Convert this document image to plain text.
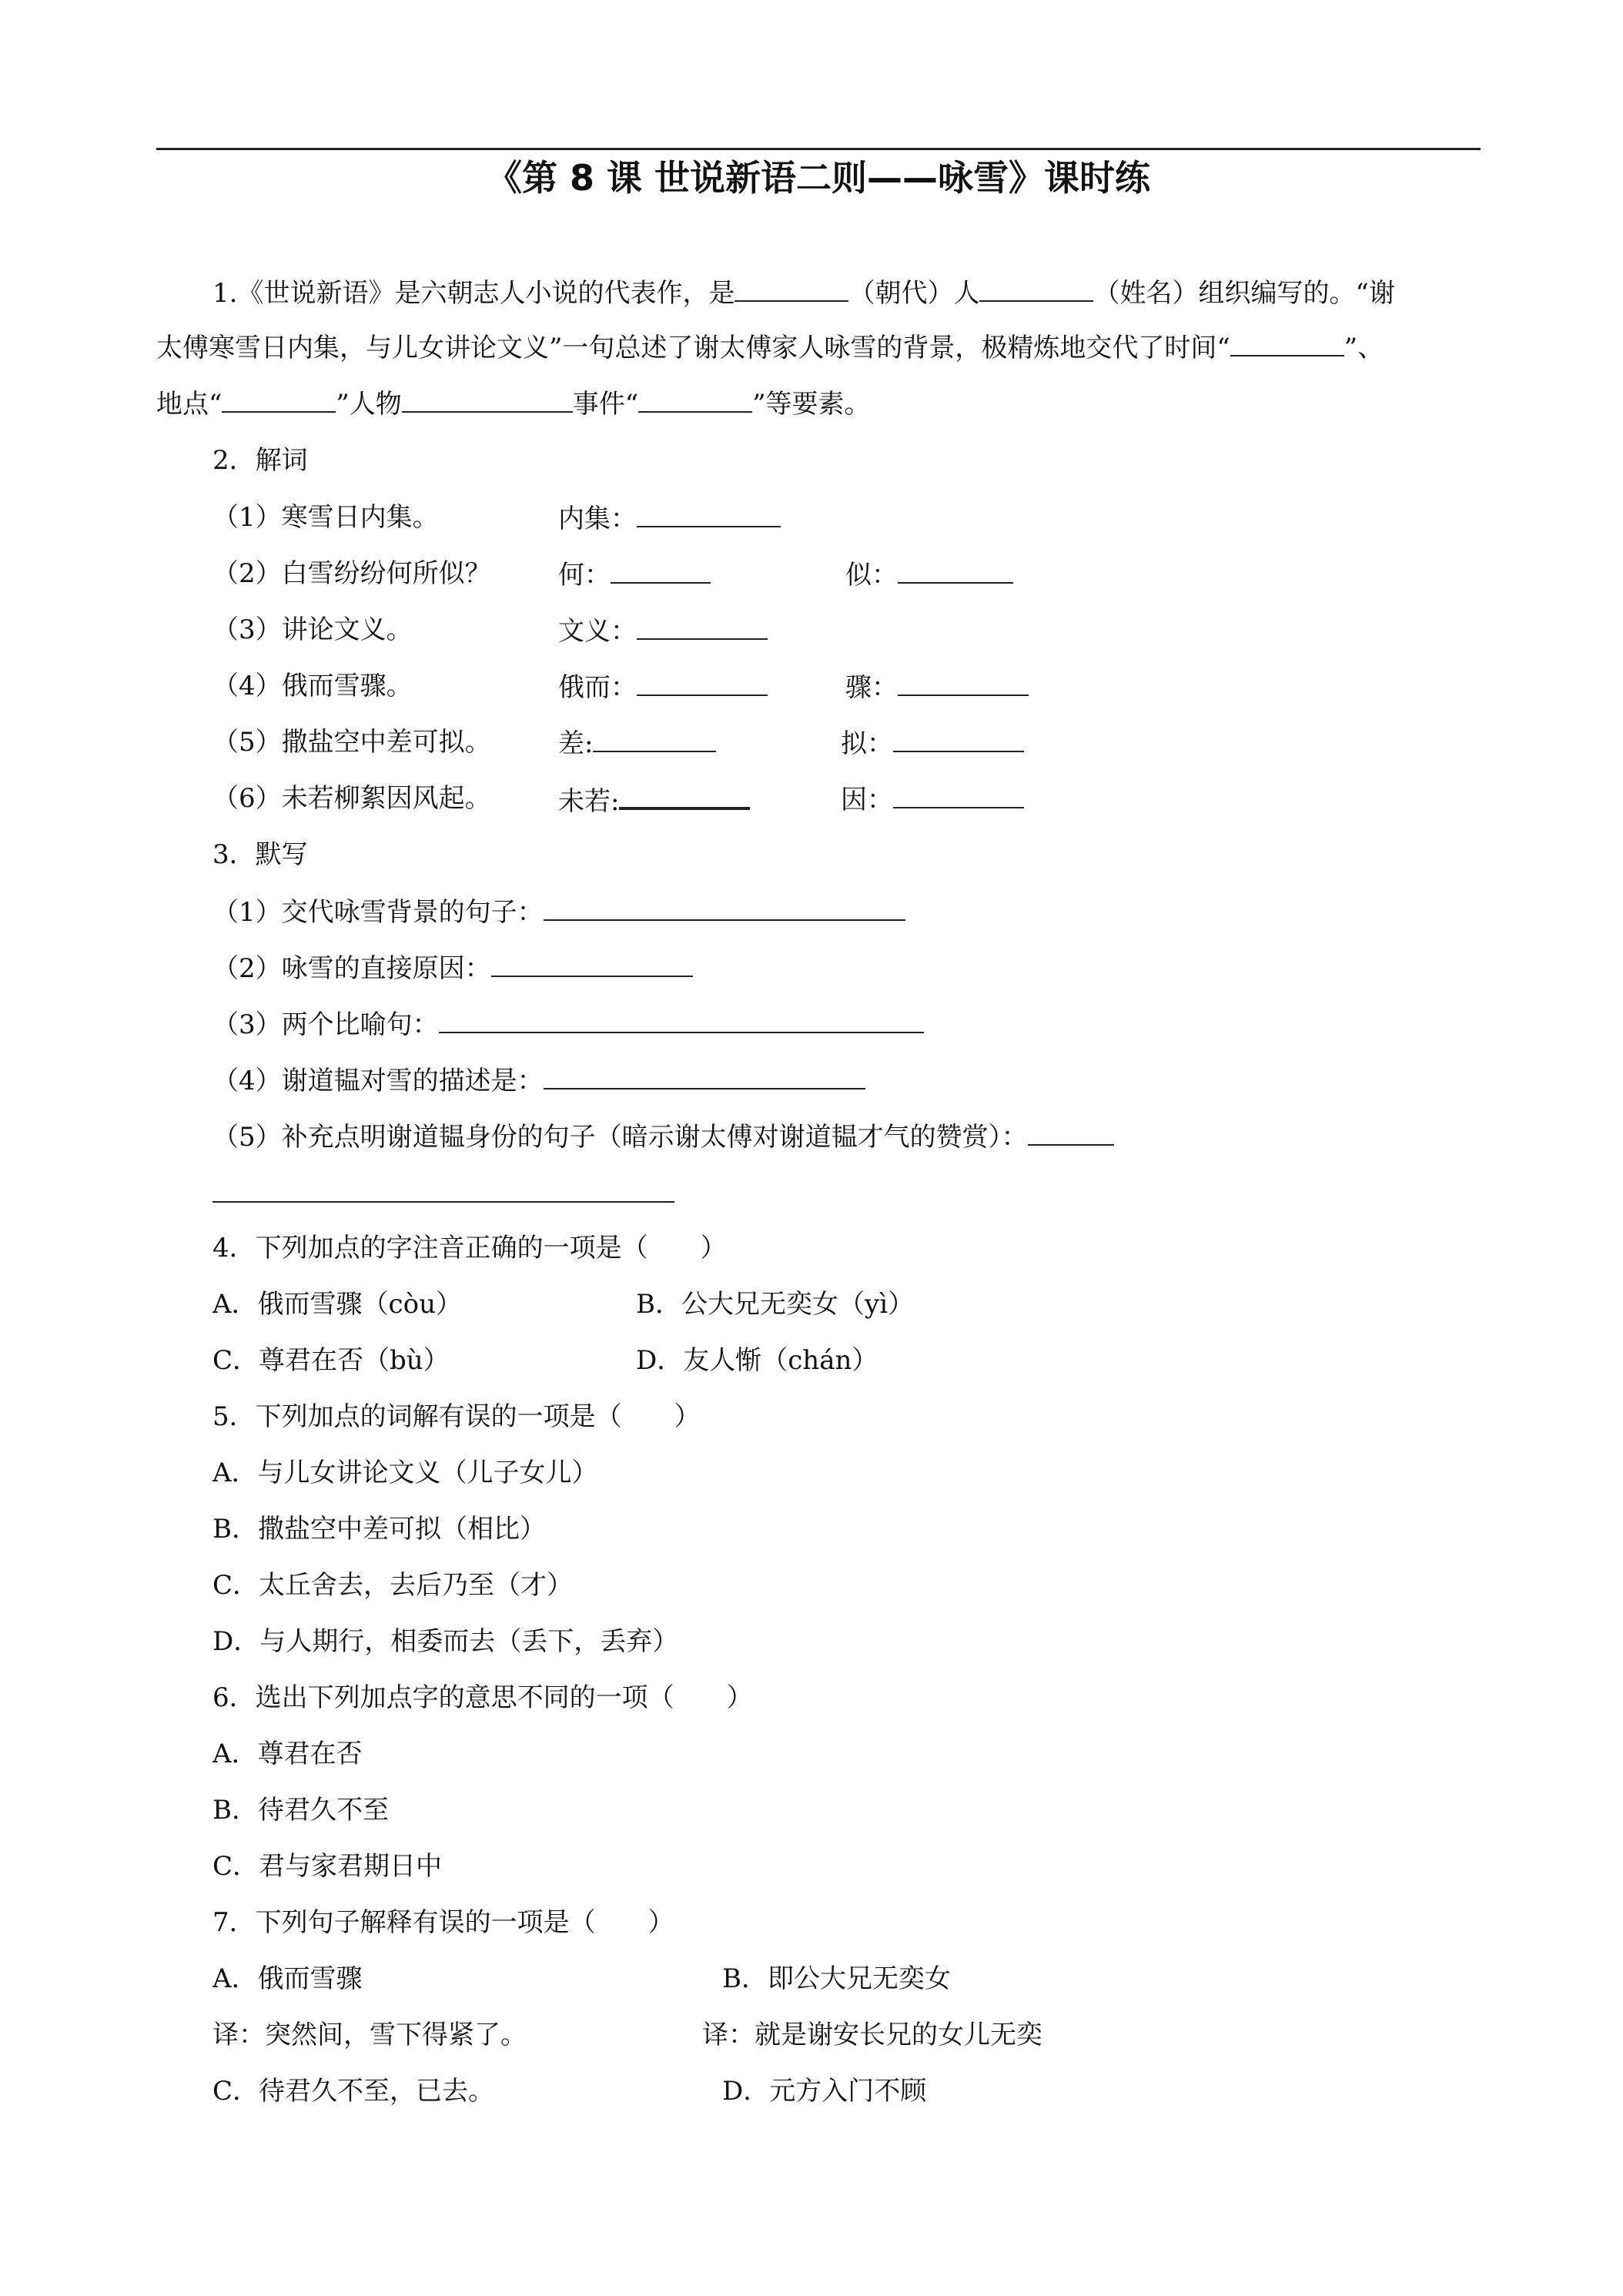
《第 8 课 世说新语二则——咏雪》课时练
1.《世说新语》是六朝志人小说的代表作，是	（朝代）人	（姓名）组织编写的。“谢
太傅寒雪日内集，与儿女讲论文义”一句总述了谢太傅家人咏雪的背景，极精炼地交代了时间“	”、
地点“	”人物	事件“	”等要素。
2．解词
（1）寒雪日内集。	内集：
（2）白雪纷纷何所似？	何：	似：
（3）讲论文义。	文义：
（4）俄而雪骤。	俄而：	骤：
（5）撒盐空中差可拟。	差:	拟：
（6）未若柳絮因风起。	未若:	因：
3．默写
（1）交代咏雪背景的句子：
（2）咏雪的直接原因：
（3）两个比喻句：
（4）谢道韫对雪的描述是：
（5）补充点明谢道韫身份的句子（暗示谢太傅对谢道韫才气的赞赏）：
4．下列加点的字注音正确的一项是（　　）
A．俄而雪骤（còu）	B．公大兄无奕女（yì）
C．尊君在否（bù）	D．友人惭（chán）
5．下列加点的词解有误的一项是（　　）
A．与儿女讲论文义（儿子女儿）
B．撒盐空中差可拟（相比）
C．太丘舍去，去后乃至（才）
D．与人期行，相委而去（丢下，丢弃）
6．选出下列加点字的意思不同的一项（　　）
A．尊君在否
B．待君久不至
C．君与家君期日中
7．下列句子解释有误的一项是（　　）
A．俄而雪骤	B．即公大兄无奕女
译：突然间，雪下得紧了。	译：就是谢安长兄的女儿无奕
C．待君久不至，已去。	D．元方入门不顾
